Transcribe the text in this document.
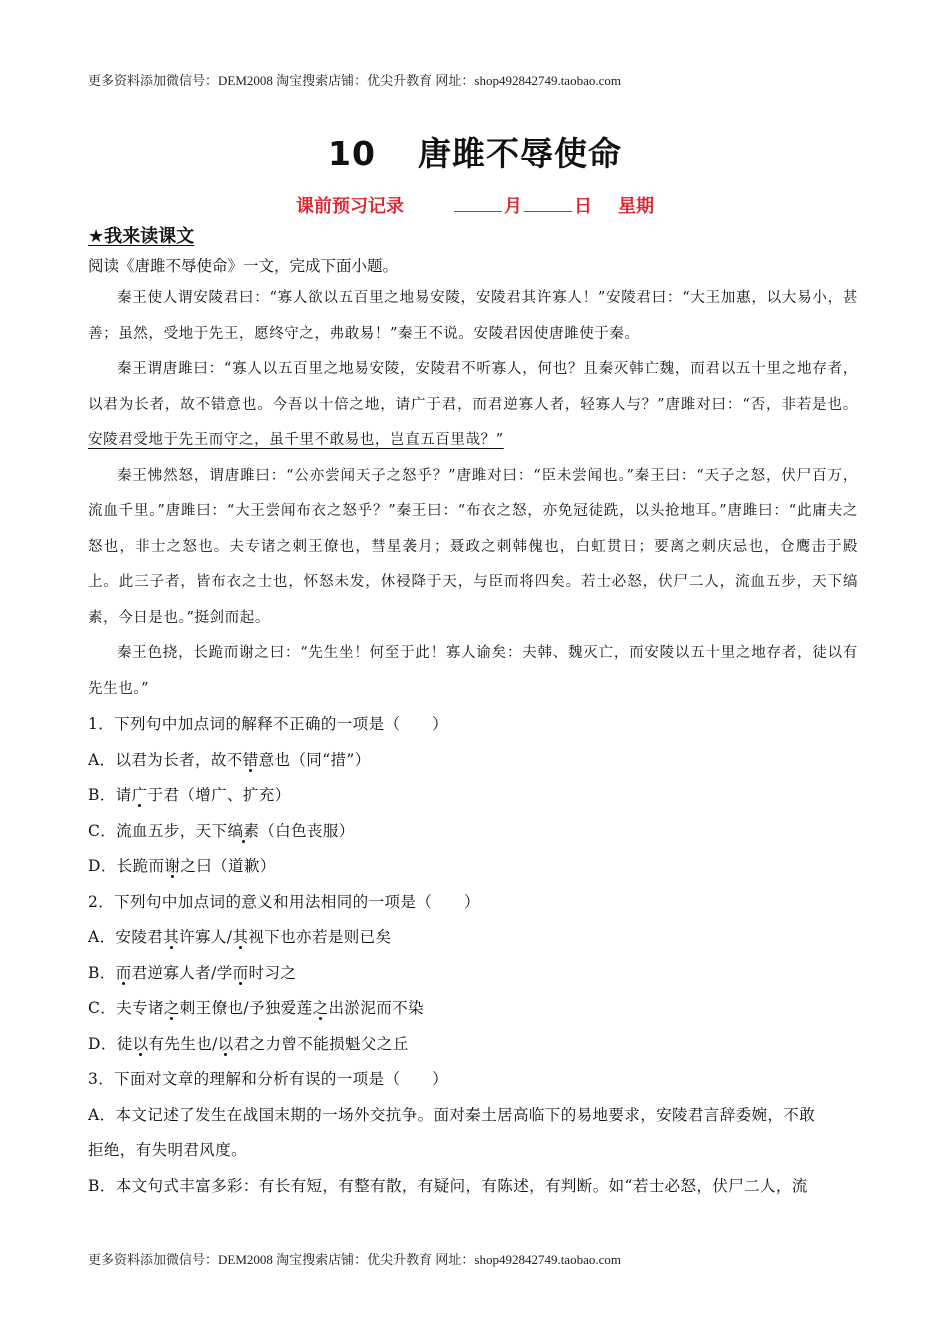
更多资料添加微信号：DEM2008 淘宝搜索店铺：优尖升教育 网址：shop492842749.taobao.com
10 唐雎不辱使命
课前预习记录	月	日 星期
★我来读课文

阅读《唐雎不辱使命》一文，完成下面小题。

秦王使人谓安陵君曰：“寡人欲以五百里之地易安陵，安陵君其许寡人！”安陵君曰：“大王加惠，以大易小，甚善；虽然，受地于先王，愿终守之，弗敢易！”秦王不说。安陵君因使唐雎使于秦。

秦王谓唐雎曰：“寡人以五百里之地易安陵，安陵君不听寡人，何也？且秦灭韩亡魏，而君以五十里之地存者，以君为长者，故不错意也。今吾以十倍之地，请广于君，而君逆寡人者，轻寡人与？”唐雎对曰：“否，非若是也。安陵君受地于先王而守之，虽千里不敢易也，岂直五百里哉？”

秦王怫然怒，谓唐雎曰：“公亦尝闻天子之怒乎？”唐雎对曰：“臣未尝闻也。”秦王曰：“天子之怒，伏尸百万，流血千里。”唐雎曰：“大王尝闻布衣之怒乎？”秦王曰：“布衣之怒，亦免冠徒跣，以头抢地耳。”唐雎曰：“此庸夫之怒也，非士之怒也。夫专诸之刺王僚也，彗星袭月；聂政之刺韩傀也，白虹贯日；要离之刺庆忌也，仓鹰击于殿上。此三子者，皆布衣之士也，怀怒未发，休祲降于天，与臣而将四矣。若士必怒，伏尸二人，流血五步，天下缟素，今日是也。”挺剑而起。

秦王色挠，长跪而谢之曰：“先生坐！何至于此！寡人谕矣：夫韩、魏灭亡，而安陵以五十里之地存者，徒以有先生也。”

1．下列句中加点词的解释不正确的一项是（　　）

A．以君为长者，故不错意也（同“措”）

B．请广于君（增广、扩充）

C．流血五步，天下缟素（白色丧服）

D．长跪而谢之曰（道歉）

2．下列句中加点词的意义和用法相同的一项是（　　）

A．安陵君其许寡人/其视下也亦若是则已矣

B．而君逆寡人者/学而时习之

C．夫专诸之刺王僚也/予独爱莲之出淤泥而不染

D．徒以有先生也/以君之力曾不能损魁父之丘

3．下面对文章的理解和分析有误的一项是（　　）

A．本文记述了发生在战国末期的一场外交抗争。面对秦土居高临下的易地要求，安陵君言辞委婉，不敢

拒绝，有失明君风度。

B．本文句式丰富多彩：有长有短，有整有散，有疑问，有陈述，有判断。如“若士必怒，伏尸二人，流

更多资料添加微信号：DEM2008 淘宝搜索店铺：优尖升教育 网址：shop492842749.taobao.com
